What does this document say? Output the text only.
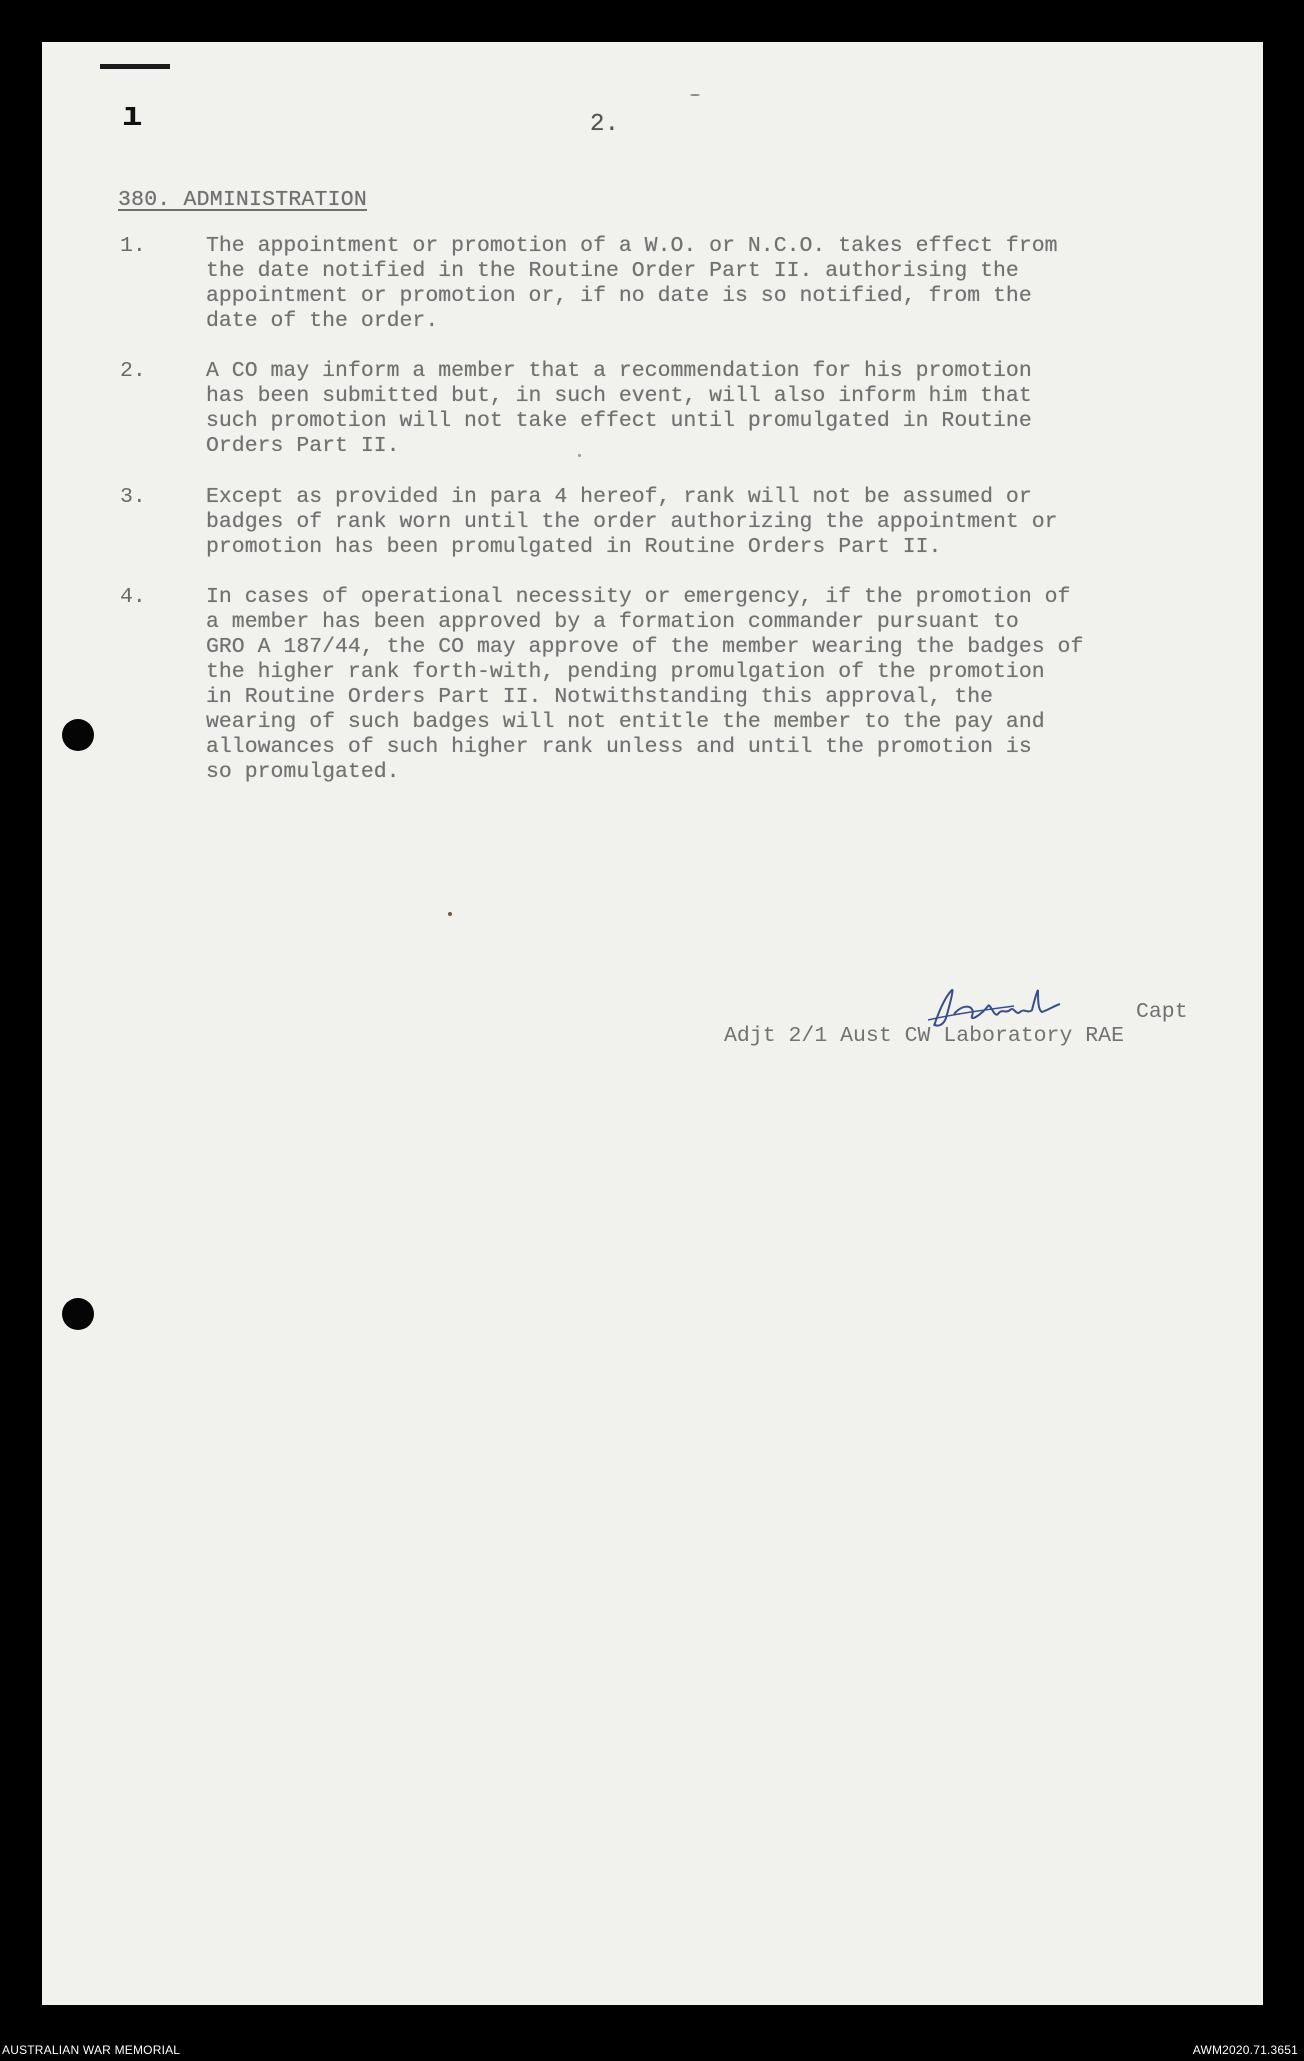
ı	2.
380. ADMINISTRATION
1.	The appointment or promotion of a W.O. or N.C.O. takes effect from
the date notified in the Routine Order Part II. authorising the
appointment or promotion or, if no date is so notified, from the
date of the order.
2.	A CO may inform a member that a recommendation for his promotion
has been submitted but, in such event, will also inform him that
such promotion will not take effect until promulgated in Routine
Orders Part II.
3.	Except as provided in para 4 hereof, rank will not be assumed or
badges of rank worn until the order authorizing the appointment or
promotion has been promulgated in Routine Orders Part II.
4.	In cases of operational necessity or emergency, if the promotion of
a member has been approved by a formation commander pursuant to
GRO A 187/44, the CO may approve of the member wearing the badges of
the higher rank forth-with, pending promulgation of the promotion
in Routine Orders Part II. Notwithstanding this approval, the
wearing of such badges will not entitle the member to the pay and
allowances of such higher rank unless and until the promotion is
so promulgated.
Capt
Adjt 2/1 Aust CW Laboratory RAE
AUSTRALIAN WAR MEMORIAL	AWM2020.71.3651
